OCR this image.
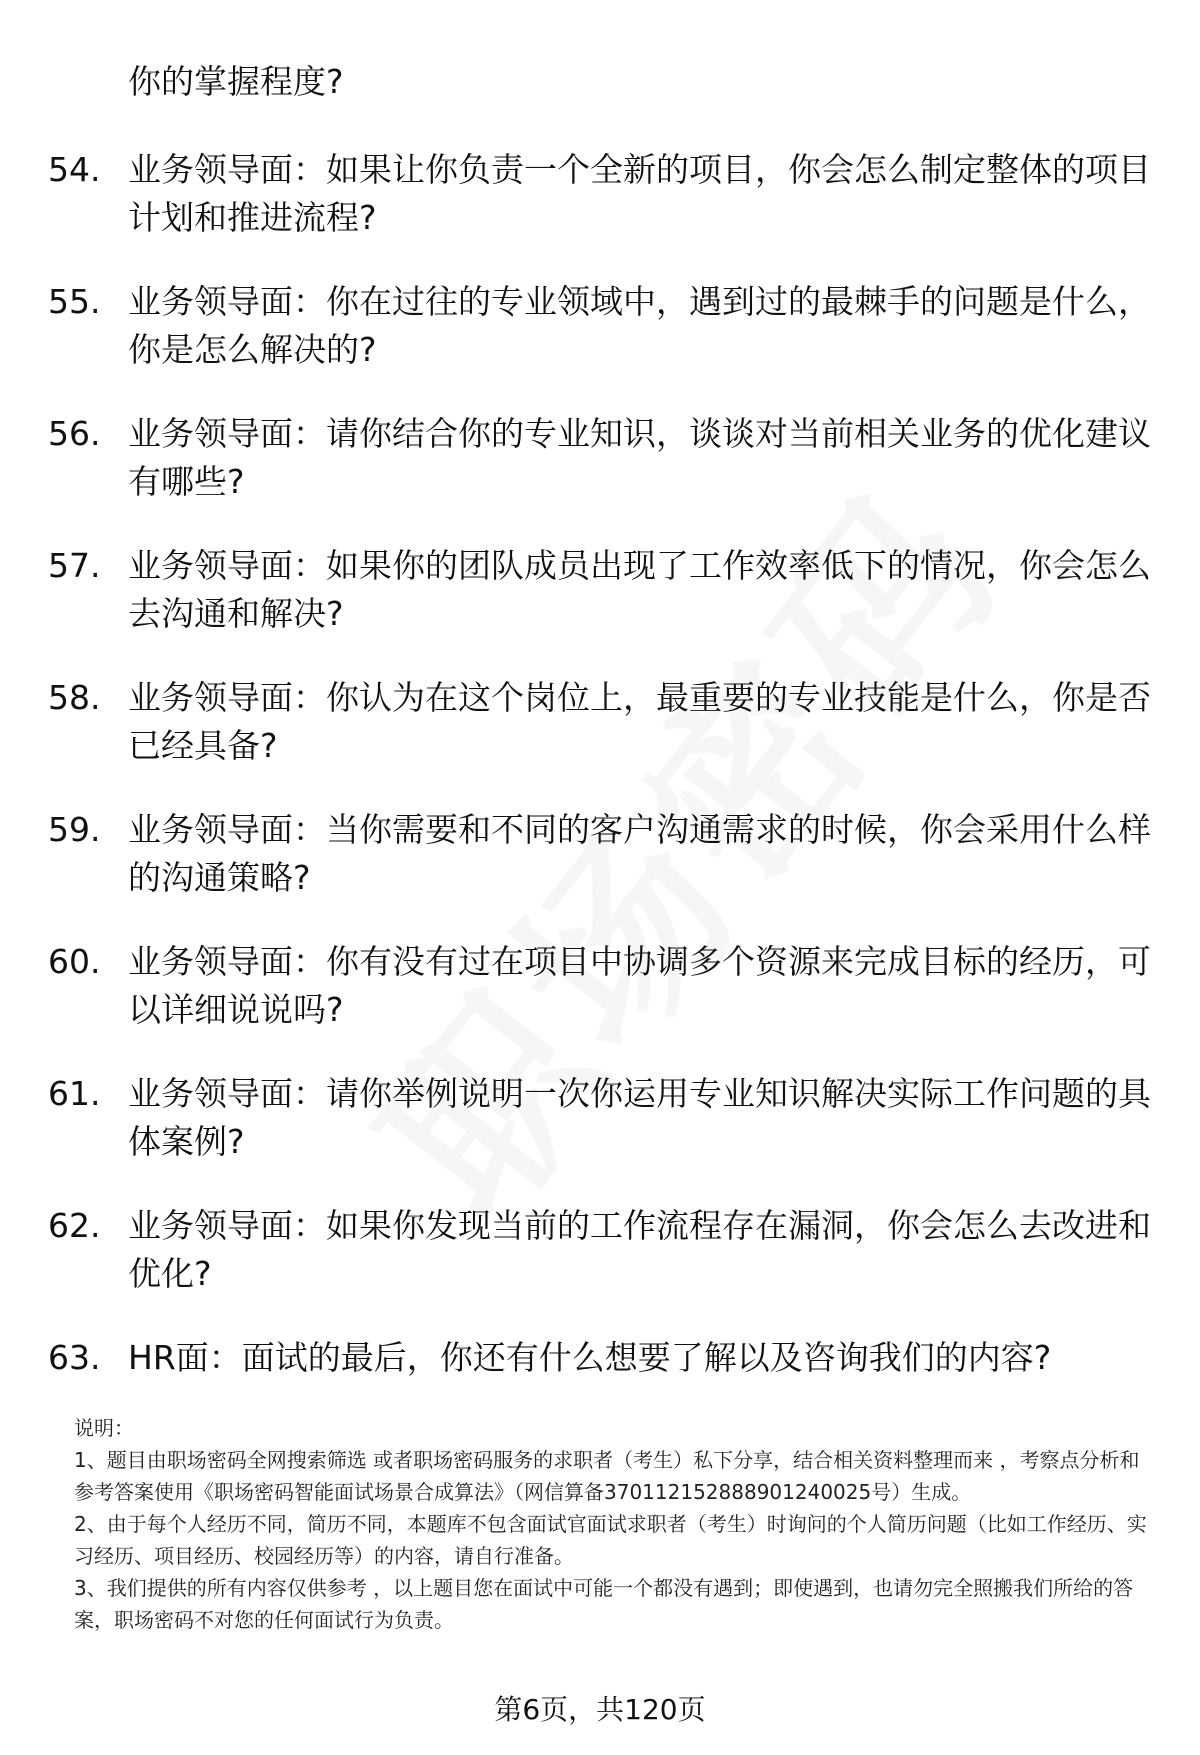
你的掌握程度?
54. 业务领导面：如果让你负责一个全新的项目，你会怎么制定整体的项目计划和推进流程?
55. 业务领导面：你在过往的专业领域中，遇到过的最棘手的问题是什么，你是怎么解决的?
56. 业务领导面：请你结合你的专业知识，谈谈对当前相关业务的优化建议有哪些?
57. 业务领导面：如果你的团队成员出现了工作效率低下的情况，你会怎么去沟通和解决?
58. 业务领导面：你认为在这个岗位上，最重要的专业技能是什么，你是否已经具备?
59. 业务领导面：当你需要和不同的客户沟通需求的时候，你会采用什么样的沟通策略?
60. 业务领导面：你有没有过在项目中协调多个资源来完成目标的经历，可以详细说说吗?
61. 业务领导面：请你举例说明一次你运用专业知识解决实际工作问题的具体案例?
62. 业务领导面：如果你发现当前的工作流程存在漏洞，你会怎么去改进和优化?
63. HR面：面试的最后，你还有什么想要了解以及咨询我们的内容?

说明：

1、题目由职场密码全网搜索筛选 或者职场密码服务的求职者（考生）私下分享，结合相关资料整理而来 ，考察点分析和参考答案使用《职场密码智能面试场景合成算法》（网信算备370112152888901240025号）生成。

2、由于每个人经历不同，简历不同，本题库不包含面试官面试求职者（考生）时询问的个人简历问题（比如工作经历、实习经历、项目经历、校园经历等）的内容，请自行准备。

3、我们提供的所有内容仅供参考 ，以上题目您在面试中可能一个都没有遇到；即使遇到，也请勿完全照搬我们所给的答案，职场密码不对您的任何面试行为负责。

第6页，共120页
